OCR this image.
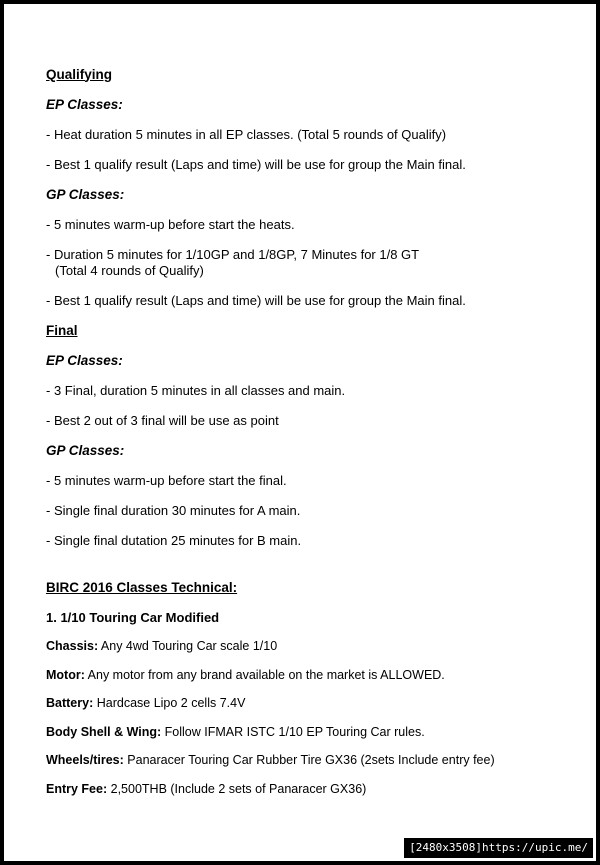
Qualifying

EP Classes:

- Heat duration 5 minutes in all EP classes. (Total 5 rounds of Qualify)

- Best 1 qualify result (Laps and time) will be use for group the Main final.

GP Classes:

- 5 minutes warm-up before start the heats.

- Duration 5 minutes for 1/10GP and 1/8GP, 7 Minutes for 1/8 GT
(Total 4 rounds of Qualify)

- Best 1 qualify result (Laps and time) will be use for group the Main final.

Final

EP Classes:

- 3 Final, duration 5 minutes in all classes and main.

- Best 2 out of 3 final will be use as point

GP Classes:

- 5 minutes warm-up before start the final.

- Single final duration 30 minutes for A main.

- Single final dutation 25 minutes for B main.

BIRC 2016 Classes Technical:

1. 1/10 Touring Car Modified

Chassis: Any 4wd Touring Car scale 1/10

Motor: Any motor from any brand available on the market is ALLOWED.

Battery: Hardcase Lipo 2 cells 7.4V

Body Shell & Wing: Follow IFMAR ISTC 1/10 EP Touring Car rules.

Wheels/tires: Panaracer Touring Car Rubber Tire GX36 (2sets Include entry fee)

Entry Fee: 2,500THB (Include 2 sets of Panaracer GX36)

[2480x3508]https://upic.me/
